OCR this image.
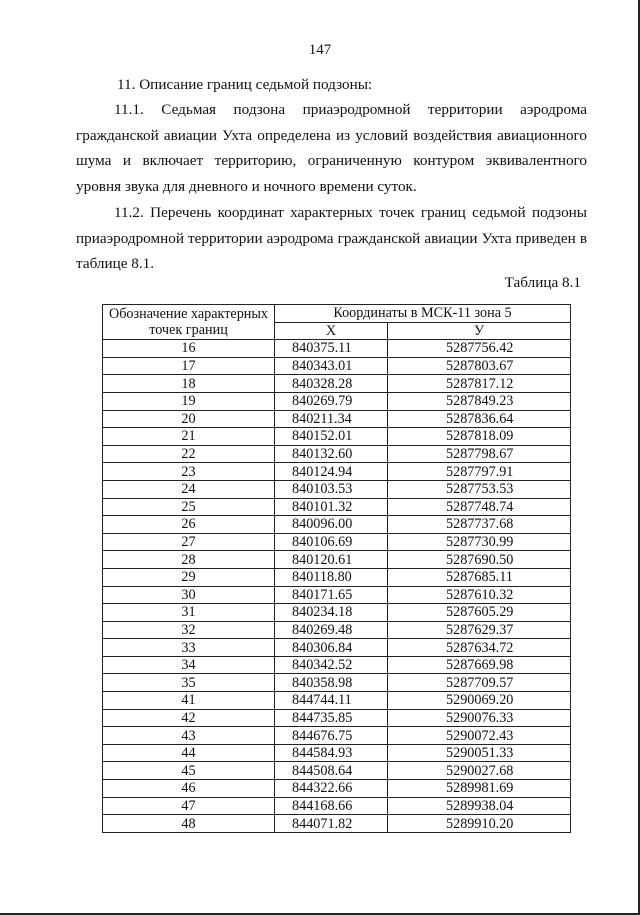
147
11. Описание границ седьмой подзоны:
11.1. Седьмая подзона приаэродромной территории аэродрома гражданской авиации Ухта определена из условий воздействия авиационного шума и включает территорию, ограниченную контуром эквивалентного уровня звука для дневного и ночного времени суток.
11.2. Перечень координат характерных точек границ седьмой подзоны приаэродромной территории аэродрома гражданской авиации Ухта приведен в таблице 8.1.
Таблица 8.1
Обозначение характерных точек границ	Координаты в МСК-11 зона 5	
	X	У
16	840375.11	5287756.42
17	840343.01	5287803.67
18	840328.28	5287817.12
19	840269.79	5287849.23
20	840211.34	5287836.64
21	840152.01	5287818.09
22	840132.60	5287798.67
23	840124.94	5287797.91
24	840103.53	5287753.53
25	840101.32	5287748.74
26	840096.00	5287737.68
27	840106.69	5287730.99
28	840120.61	5287690.50
29	840118.80	5287685.11
30	840171.65	5287610.32
31	840234.18	5287605.29
32	840269.48	5287629.37
33	840306.84	5287634.72
34	840342.52	5287669.98
35	840358.98	5287709.57
41	844744.11	5290069.20
42	844735.85	5290076.33
43	844676.75	5290072.43
44	844584.93	5290051.33
45	844508.64	5290027.68
46	844322.66	5289981.69
47	844168.66	5289938.04
48	844071.82	5289910.20
